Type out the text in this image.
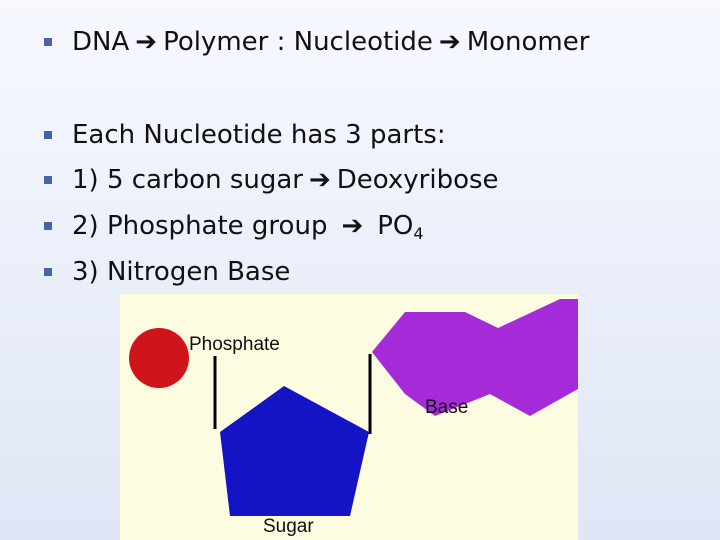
DNA ➔ Polymer : Nucleotide ➔ Monomer
Each Nucleotide has 3 parts:
1) 5 carbon sugar ➔ Deoxyribose
2) Phosphate group ➔ $PO_4$
3) Nitrogen Base
Phosphate
Base
Sugar
